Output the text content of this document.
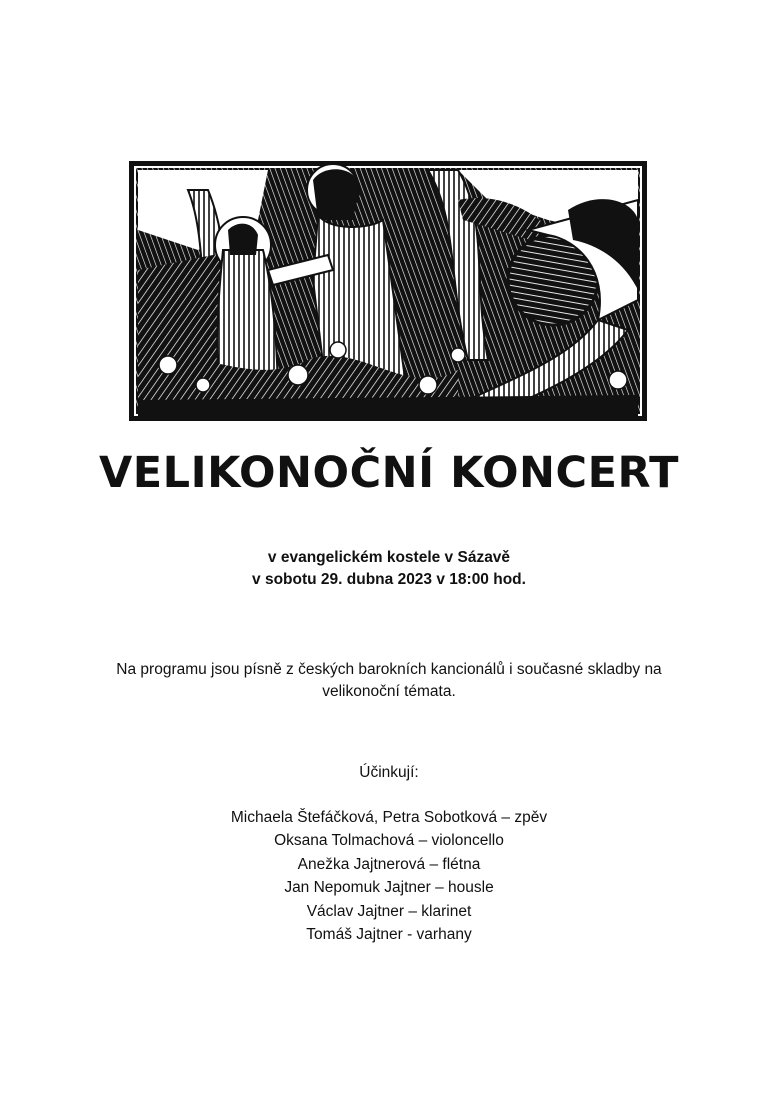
VELIKONOČNÍ KONCERT
v evangelickém kostele v Sázavě
v sobotu 29. dubna 2023 v 18:00 hod.
Na programu jsou písně z českých barokních kancionálů i současné skladby na
velikonoční témata.
Účinkují:
Michaela Štefáčková, Petra Sobotková – zpěv
Oksana Tolmachová – violoncello
Anežka Jajtnerová – flétna
Jan Nepomuk Jajtner – housle
Václav Jajtner – klarinet
Tomáš Jajtner - varhany
